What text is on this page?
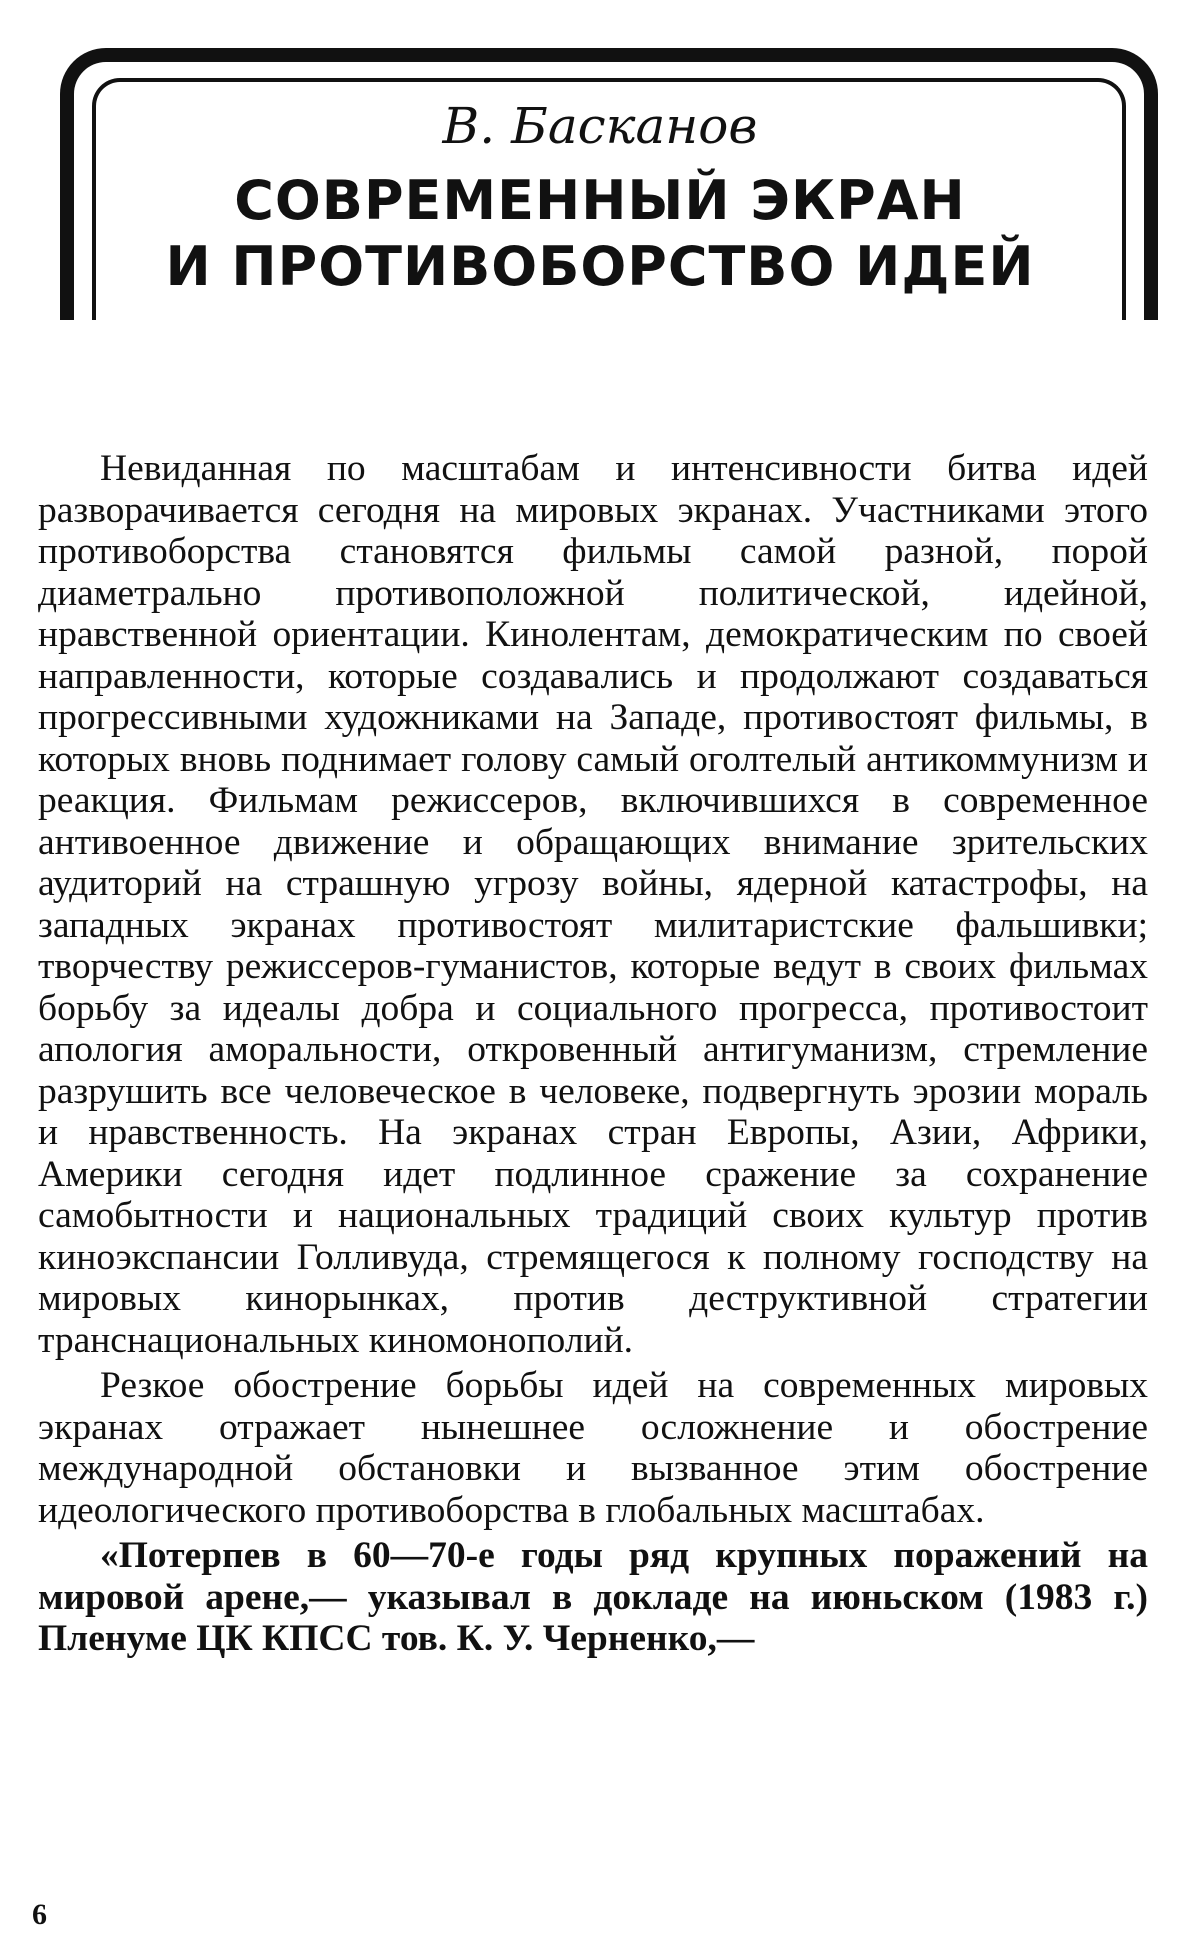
В. Басканов
СОВРЕМЕННЫЙ ЭКРАН
И ПРОТИВОБОРСТВО ИДЕЙ

Невиданная по масштабам и интенсивности битва идей разворачивается сегодня на мировых экранах. Участниками этого противоборства становятся фильмы самой разной, порой диаметрально противоположной политической, идейной, нравственной ориентации. Кинолентам, демократическим по своей направленности, которые создавались и продолжают создаваться прогрессивными художниками на Западе, противостоят фильмы, в которых вновь поднимает голову самый оголтелый антикоммунизм и реакция. Фильмам режиссеров, включившихся в современное антивоенное движение и обращающих внимание зрительских аудиторий на страшную угрозу войны, ядерной катастрофы, на западных экранах противостоят милитаристские фальшивки; творчеству режиссеров-гуманистов, которые ведут в своих фильмах борьбу за идеалы добра и социального прогресса, противостоит апология аморальности, откровенный антигуманизм, стремление разрушить все человеческое в человеке, подвергнуть эрозии мораль и нравственность. На экранах стран Европы, Азии, Африки, Америки сегодня идет подлинное сражение за сохранение самобытности и национальных традиций своих культур против киноэкспансии Голливуда, стремящегося к полному господству на мировых кинорынках, против деструктивной стратегии транснациональных киномонополий.

Резкое обострение борьбы идей на современных мировых экранах отражает нынешнее осложнение и обострение международной обстановки и вызванное этим обострение идеологического противоборства в глобальных масштабах.

«Потерпев в 60—70-е годы ряд крупных поражений на мировой арене,— указывал в докладе на июньском (1983 г.) Пленуме ЦК КПСС тов. К. У. Черненко,—

6
